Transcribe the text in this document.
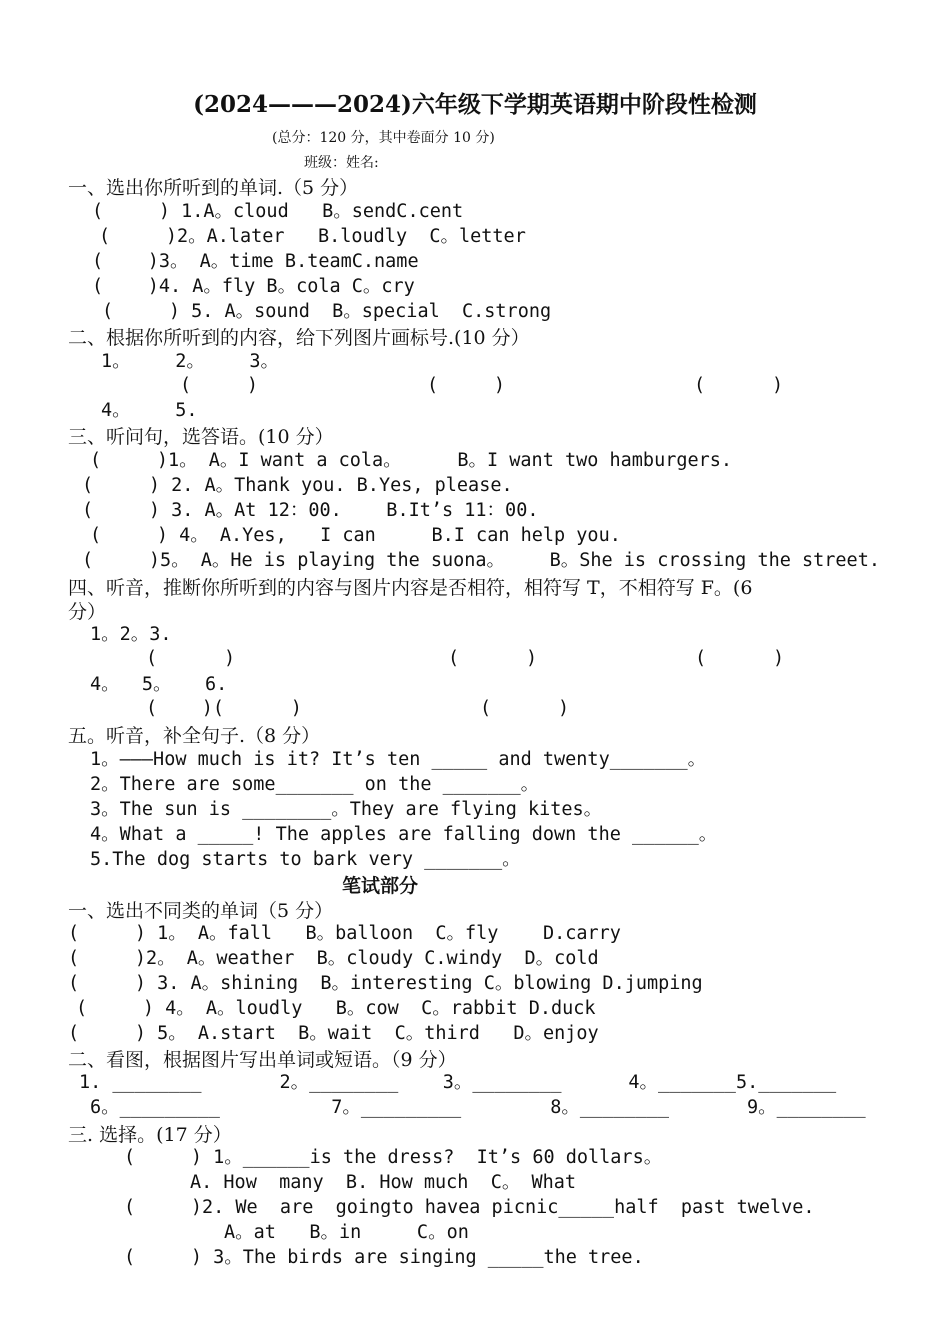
(2024———2024)六年级下学期英语期中阶段性检测
(总分：120 分，其中卷面分 10 分)
班级：姓名:
一、选出你所听到的单词.（5 分）
(     ) 1.A。cloud   B。sendC.cent
(     )2。A.later   B.loudly  C。letter
(    )3。 A。time B.teamC.name
(    )4. A。fly B。cola C。cry
(     ) 5. A。sound  B。special  C.strong
二、根据你所听到的内容，给下列图片画标号.(10 分）
1。    2。    3。
(     )	(     )	(      )
4。    5.
三、听问句，选答语。(10 分）
(     )1。 A。I want a cola。     B。I want two hamburgers.
(     ) 2. A。Thank you. B.Yes, please.
(     ) 3. A。At 12：00.    B.It’s 11：00.
(     ) 4。 A.Yes,   I can     B.I can help you.
(     )5。 A。He is playing the suona。    B。She is crossing the street.
四、听音，推断你所听到的内容与图片内容是否相符，相符写 T，不相符写 F。(6
分）
1。2。3.
(      )	(      )	(      )
4。  5。   6.
(    )(      )	(      )
五。听音，补全句子.（8 分）
1。———How much is it? It’s ten _____ and twenty_______。
2。There are some_______ on the _______。
3。The sun is ________。They are flying kites。
4。What a _____! The apples are falling down the ______。
5.The dog starts to bark very _______。
笔试部分
一、选出不同类的单词（5 分）
(     ) 1。 A。fall   B。balloon  C。fly    D.carry
(     )2。 A。weather  B。cloudy C.windy  D。cold
(     ) 3. A。shining  B。interesting C。blowing D.jumping
(     ) 4。 A。loudly   B。cow  C。rabbit D.duck
(     ) 5。 A.start  B。wait  C。third   D。enjoy
二、看图，根据图片写出单词或短语。（9 分）
1. ________       2。________    3。________      4。_______5._______
6。_________          7。_________        8。________       9。________
三. 选择。(17 分）
(     ) 1。______is the dress?  It’s 60 dollars。
A. How  many  B. How much  C。 What
(     )2. We  are  goingto havea picnic_____half  past twelve.
A。at   B。in     C。on
(     ) 3。The birds are singing _____the tree.
